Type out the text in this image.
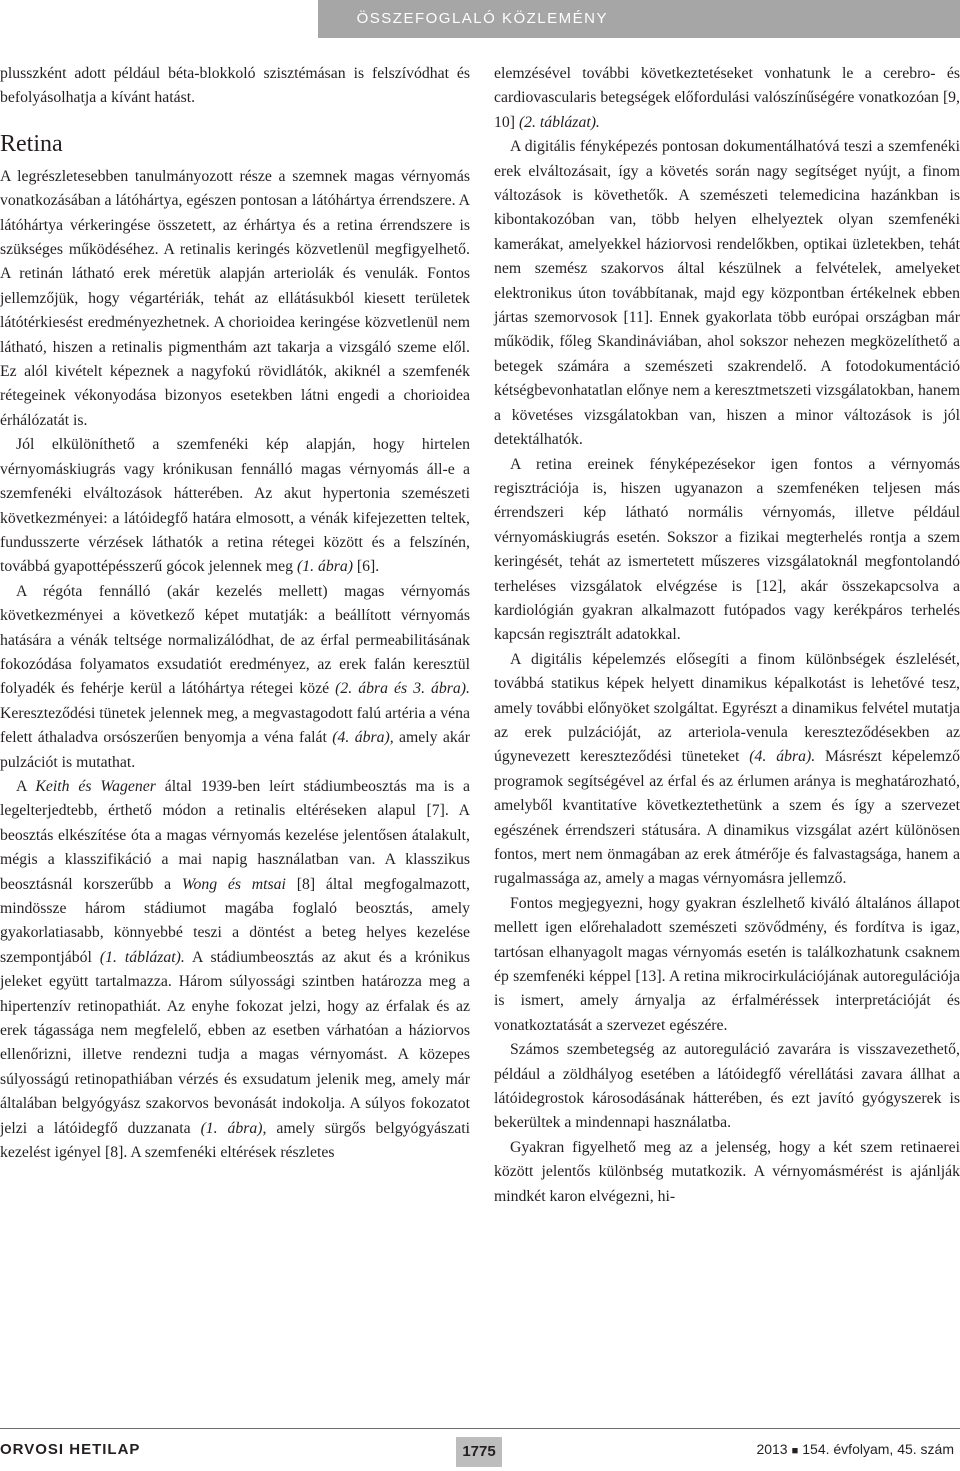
ÖSSZEFOGLALÓ KÖZLEMÉNY

plusszként adott például béta-blokkoló szisztémásan is felszívódhat és befolyásolhatja a kívánt hatást.

Retina

A legrészletesebben tanulmányozott része a szemnek magas vérnyomás vonatkozásában a látóhártya, egészen pontosan a látóhártya érrendszere. A látóhártya vérkeringése összetett, az érhártya és a retina érrendszere is szükséges működéséhez. A retinalis keringés közvetlenül megfigyelhető. A retinán látható erek méretük alapján arteriolák és venulák. Fontos jellemzőjük, hogy végartériák, tehát az ellátásukból kiesett területek látótérkiesést eredményezhetnek. A chorioidea keringése közvetlenül nem látható, hiszen a retinalis pigmenthám azt takarja a vizsgáló szeme elől. Ez alól kivételt képeznek a nagyfokú rövidlátók, akiknél a szemfenék rétegeinek vékonyodása bizonyos esetekben látni engedi a chorioidea érhálózatát is.

Jól elkülöníthető a szemfenéki kép alapján, hogy hirtelen vérnyomáskiugrás vagy krónikusan fennálló magas vérnyomás áll-e a szemfenéki elváltozások hátterében. Az akut hypertonia szemészeti következményei: a látóidegfő határa elmosott, a vénák kifejezetten teltek, fundusszerte vérzések láthatók a retina rétegei között és a felszínén, továbbá gyapottépésszerű gócok jelennek meg (1. ábra) [6].

A régóta fennálló (akár kezelés mellett) magas vérnyomás következményei a következő képet mutatják: a beállított vérnyomás hatására a vénák teltsége normalizálódhat, de az érfal permeabilitásának fokozódása folyamatos exsudatiót eredményez, az erek falán keresztül folyadék és fehérje kerül a látóhártya rétegei közé (2. ábra és 3. ábra). Kereszteződési tünetek jelennek meg, a megvastagodott falú artéria a véna felett áthaladva orsószerűen benyomja a véna falát (4. ábra), amely akár pulzációt is mutathat.

A Keith és Wagener által 1939-ben leírt stádiumbeosztás ma is a legelterjedtebb, érthető módon a retinalis eltéréseken alapul [7]. A beosztás elkészítése óta a magas vérnyomás kezelése jelentősen átalakult, mégis a klasszifikáció a mai napig használatban van. A klasszikus beosztásnál korszerűbb a Wong és mtsai [8] által megfogalmazott, mindössze három stádiumot magába foglaló beosztás, amely gyakorlatiasabb, könnyebbé teszi a döntést a beteg helyes kezelése szempontjából (1. táblázat). A stádiumbeosztás az akut és a krónikus jeleket együtt tartalmazza. Három súlyossági szintben határozza meg a hipertenzív retinopathiát. Az enyhe fokozat jelzi, hogy az érfalak és az erek tágassága nem megfelelő, ebben az esetben várhatóan a háziorvos ellenőrizni, illetve rendezni tudja a magas vérnyomást. A közepes súlyosságú retinopathiában vérzés és exsudatum jelenik meg, amely már általában belgyógyász szakorvos bevonását indokolja. A súlyos fokozatot jelzi a látóidegfő duzzanata (1. ábra), amely sürgős belgyógyászati kezelést igényel [8]. A szemfenéki eltérések részletes

elemzésével további következtetéseket vonhatunk le a cerebro- és cardiovascularis betegségek előfordulási valószínűségére vonatkozóan [9, 10] (2. táblázat).

A digitális fényképezés pontosan dokumentálhatóvá teszi a szemfenéki erek elváltozásait, így a követés során nagy segítséget nyújt, a finom változások is követhetők. A szemészeti telemedicina hazánkban is kibontakozóban van, több helyen elhelyeztek olyan szemfenéki kamerákat, amelyekkel háziorvosi rendelőkben, optikai üzletekben, tehát nem szemész szakorvos által készülnek a felvételek, amelyeket elektronikus úton továbbítanak, majd egy központban értékelnek ebben jártas szemorvosok [11]. Ennek gyakorlata több európai országban már működik, főleg Skandináviában, ahol sokszor nehezen megközelíthető a betegek számára a szemészeti szakrendelő. A fotodokumentáció kétségbevonhatatlan előnye nem a keresztmetszeti vizsgálatokban, hanem a követéses vizsgálatokban van, hiszen a minor változások is jól detektálhatók.

A retina ereinek fényképezésekor igen fontos a vérnyomás regisztrációja is, hiszen ugyanazon a szemfenéken teljesen más érrendszeri kép látható normális vérnyomás, illetve például vérnyomáskiugrás esetén. Sokszor a fizikai megterhelés rontja a szem keringését, tehát az ismertetett műszeres vizsgálatoknál megfontolandó terheléses vizsgálatok elvégzése is [12], akár összekapcsolva a kardiológián gyakran alkalmazott futópados vagy kerékpáros terhelés kapcsán regisztrált adatokkal.

A digitális képelemzés elősegíti a finom különbségek észlelését, továbbá statikus képek helyett dinamikus képalkotást is lehetővé tesz, amely további előnyöket szolgáltat. Egyrészt a dinamikus felvétel mutatja az erek pulzációját, az arteriola-venula kereszteződésekben az úgynevezett kereszteződési tüneteket (4. ábra). Másrészt képelemző programok segítségével az érfal és az érlumen aránya is meghatározható, amelyből kvantitatíve következtethetünk a szem és így a szervezet egészének érrendszeri státusára. A dinamikus vizsgálat azért különösen fontos, mert nem önmagában az erek átmérője és falvastagsága, hanem a rugalmassága az, amely a magas vérnyomásra jellemző.

Fontos megjegyezni, hogy gyakran észlelhető kiváló általános állapot mellett igen előrehaladott szemészeti szövődmény, és fordítva is igaz, tartósan elhanyagolt magas vérnyomás esetén is találkozhatunk csaknem ép szemfenéki képpel [13]. A retina mikrocirkulációjának autoregulációja is ismert, amely árnyalja az érfalméréssek interpretációját és vonatkoztatását a szervezet egészére.

Számos szembetegség az autoreguláció zavarára is visszavezethető, például a zöldhályog esetében a látóidegfő vérellátási zavara állhat a látóidegrostok károsodásának hátterében, és ezt javító gyógyszerek is bekerültek a mindennapi használatba.

Gyakran figyelhető meg az a jelenség, hogy a két szem retinaerei között jelentős különbség mutatkozik. A vérnyomásmérést is ajánlják mindkét karon elvégezni, hi-

ORVOSI HETILAP	1775	2013 ■ 154. évfolyam, 45. szám
